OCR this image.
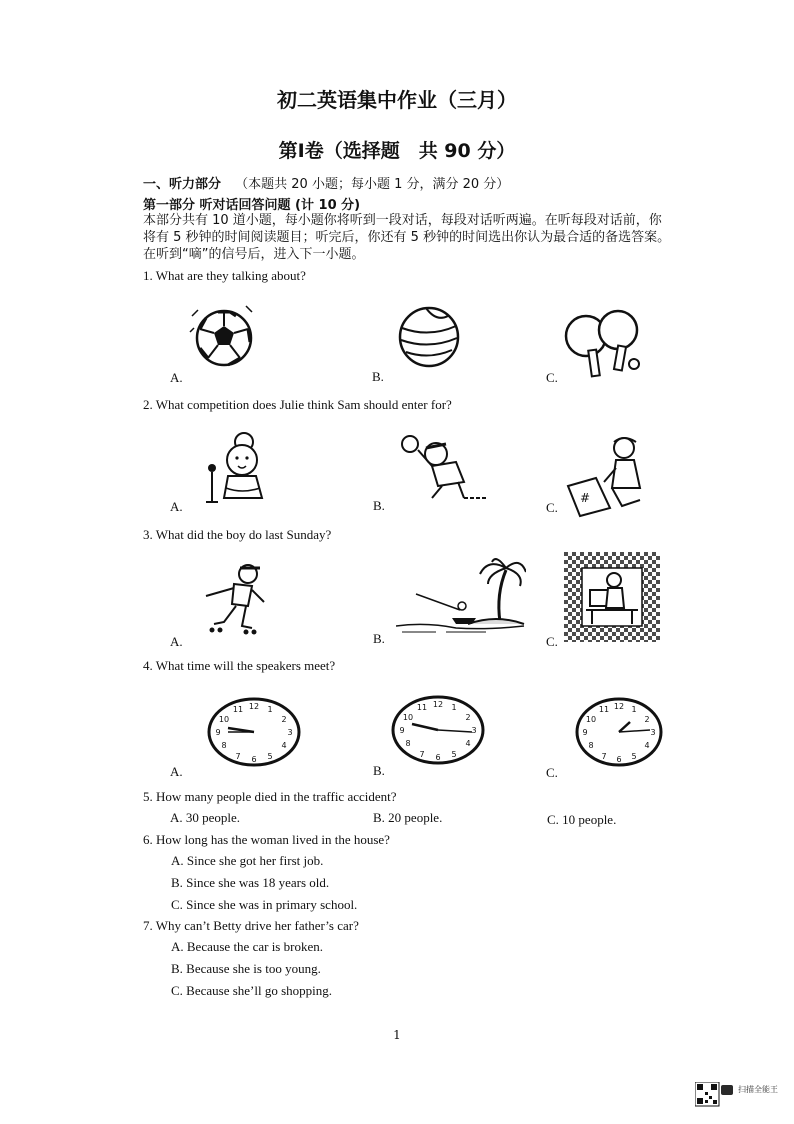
初二英语集中作业（三月）
第Ⅰ卷（选择题　共 90 分）
一、听力部分 （本题共 20 小题；每小题 1 分，满分 20 分）
第一部分 听对话回答问题 (计 10 分)
本部分共有 10 道小题，每小题你将听到一段对话，每段对话听两遍。在听每段对话前，你
将有 5 秒钟的时间阅读题目；听完后，你还有 5 秒钟的时间选出你认为最合适的备选答案。
在听到“嘀”的信号后，进入下一小题。
1. What are they talking about?
A.	B.	C.
2. What competition does Julie think Sam should enter for?
#
A.	B.	C.
3. What did the boy do last Sunday?
A.	B.	C.
4. What time will the speakers meet?
12 1
2
3
4
5
6
7
8
9
10
11
12 1
2
3
4
5
6
7
8
9
10
11	12 1
2
3
4
5
6
7
8
9
10
11
A.	B.	C.
5. How many people died in the traffic accident?
A. 30 people.	B. 20 people.	C. 10 people.
6. How long has the woman lived in the house?
A. Since she got her first job.
B. Since she was 18 years old.
C. Since she was in primary school.
7. Why can’t Betty drive her father’s car?
A. Because the car is broken.
B. Because she is too young.
C. Because she’ll go shopping.
1
扫描全能王
